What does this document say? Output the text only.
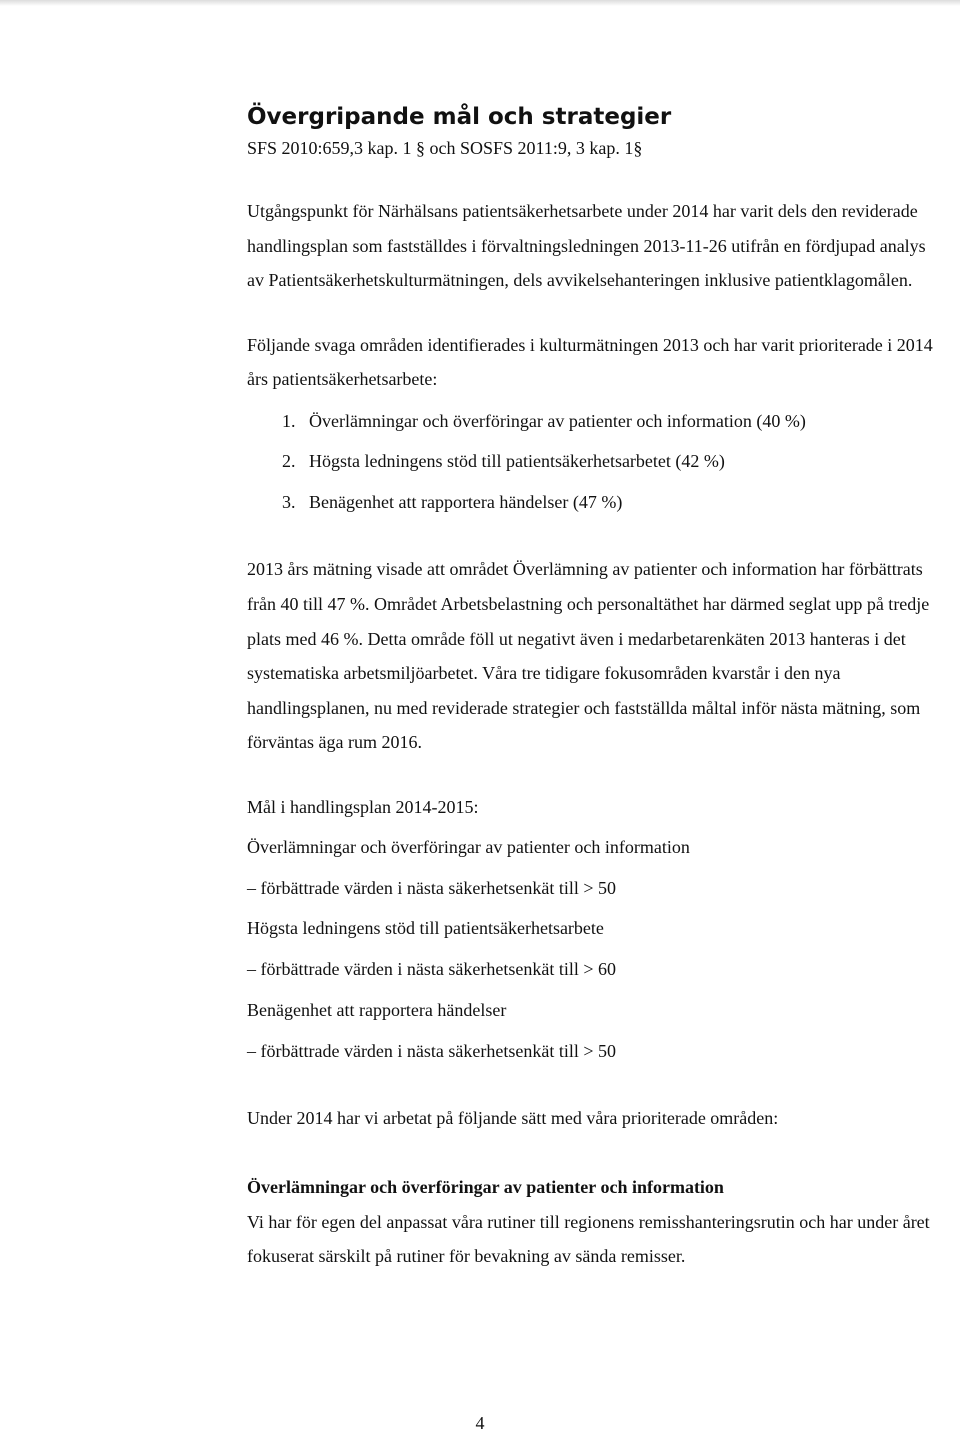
Övergripande mål och strategier

SFS 2010:659,3 kap. 1 § och SOSFS 2011:9, 3 kap. 1§

Utgångspunkt för Närhälsans patientsäkerhetsarbete under 2014 har varit dels den reviderade handlingsplan som fastställdes i förvaltningsledningen 2013-11-26 utifrån en fördjupad analys av Patientsäkerhetskulturmätningen, dels avvikelsehanteringen inklusive patientklagomålen.

Följande svaga områden identifierades i kulturmätningen 2013 och har varit prioriterade i 2014 års patientsäkerhetsarbete:

1. Överlämningar och överföringar av patienter och information (40 %)
2. Högsta ledningens stöd till patientsäkerhetsarbetet (42 %)
3. Benägenhet att rapportera händelser (47 %)

2013 års mätning visade att området Överlämning av patienter och information har förbättrats från 40 till 47 %. Området Arbetsbelastning och personaltäthet har därmed seglat upp på tredje plats med 46 %. Detta område föll ut negativt även i medarbetarenkäten 2013 hanteras i det systematiska arbetsmiljöarbetet. Våra tre tidigare fokusområden kvarstår i den nya handlingsplanen, nu med reviderade strategier och fastställda måltal inför nästa mätning, som förväntas äga rum 2016.

Mål i handlingsplan 2014-2015:

Överlämningar och överföringar av patienter och information

– förbättrade värden i nästa säkerhetsenkät till > 50

Högsta ledningens stöd till patientsäkerhetsarbete

– förbättrade värden i nästa säkerhetsenkät till > 60

Benägenhet att rapportera händelser

– förbättrade värden i nästa säkerhetsenkät till > 50

Under 2014 har vi arbetat på följande sätt med våra prioriterade områden:

Överlämningar och överföringar av patienter och information

Vi har för egen del anpassat våra rutiner till regionens remisshanteringsrutin och har under året fokuserat särskilt på rutiner för bevakning av sända remisser.

4
